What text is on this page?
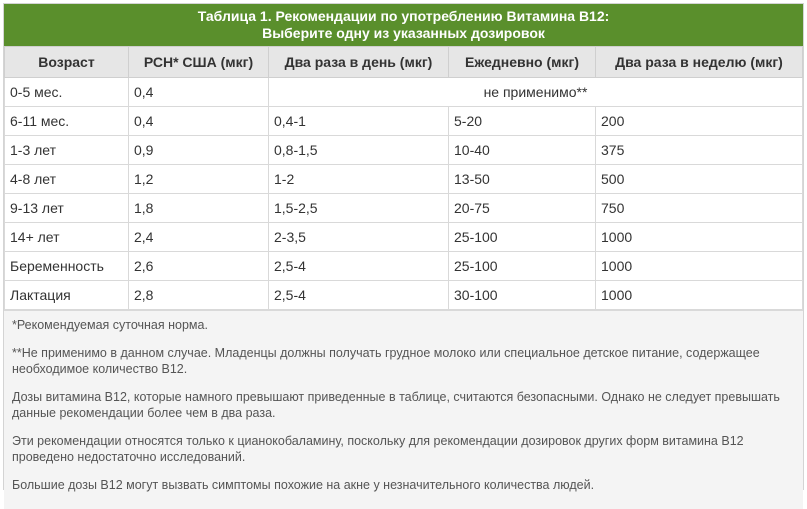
Таблица 1. Рекомендации по употреблению Витамина В12:
Выберите одну из указанных дозировок
Возраст	РСН* США (мкг)	Два раза в день (мкг)	Ежедневно (мкг)	Два раза в неделю (мкг)
0-5 мес.	0,4	не применимо**		
6-11 мес.	0,4	0,4-1	5-20	200
1-3 лет	0,9	0,8-1,5	10-40	375
4-8 лет	1,2	1-2	13-50	500
9-13 лет	1,8	1,5-2,5	20-75	750
14+ лет	2,4	2-3,5	25-100	1000
Беременность	2,6	2,5-4	25-100	1000
Лактация	2,8	2,5-4	30-100	1000

*Рекомендуемая суточная норма.

**Не применимо в данном случае. Младенцы должны получать грудное молоко или специальное детское питание, содержащее необходимое количество В12.

Дозы витамина В12, которые намного превышают приведенные в таблице, считаются безопасными. Однако не следует превышать данные рекомендации более чем в два раза.

Эти рекомендации относятся только к цианокобаламину, поскольку для рекомендации дозировок других форм витамина В12 проведено недостаточно исследований.

Большие дозы В12 могут вызвать симптомы похожие на акне у незначительного количества людей.
